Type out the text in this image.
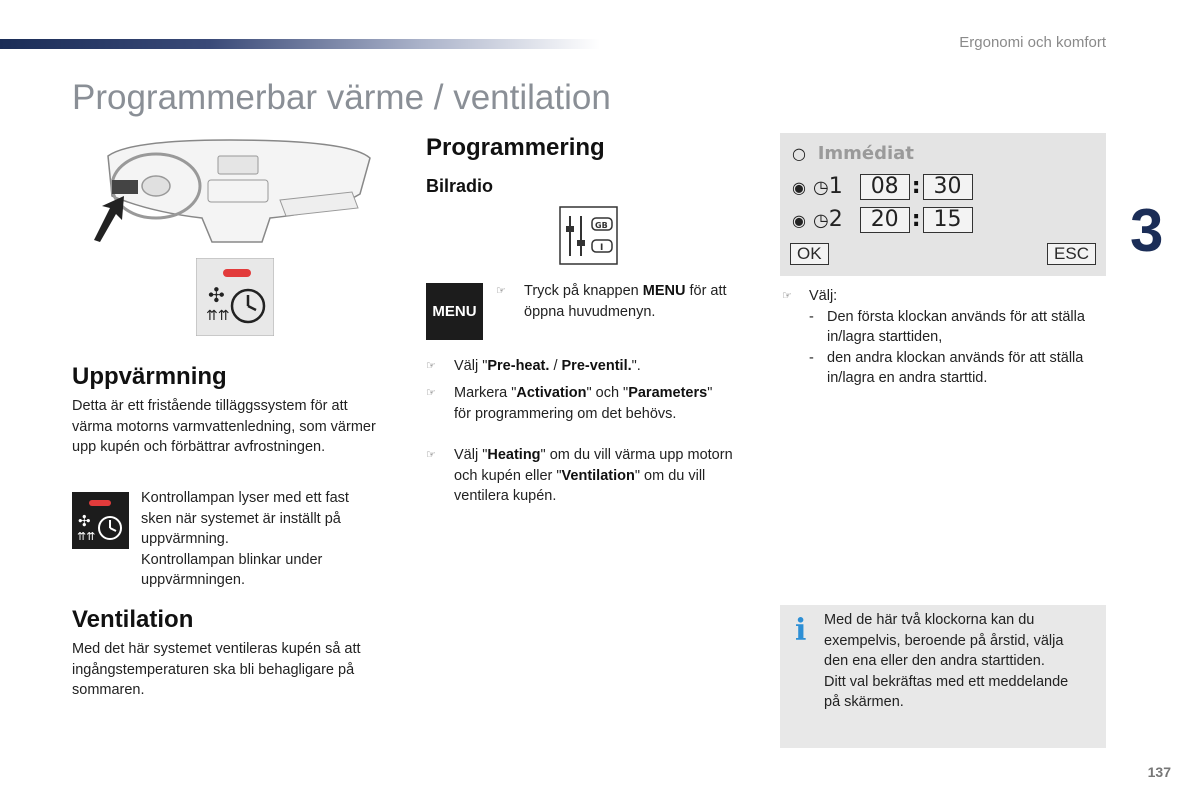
Ergonomi och komfort
Programmerbar värme / ventilation
3
✣
⇈⇈
Uppvärmning
Detta är ett fristående tilläggssystem för att
värma motorns varmvattenledning, som värmer
upp kupén och förbättrar avfrostningen.
✣
⇈⇈
Kontrollampan lyser med ett fast
sken när systemet är inställt på
uppvärmning.
Kontrollampan blinkar under
uppvärmningen.
Ventilation
Med det här systemet ventileras kupén så att
ingångstemperaturen ska bli behagligare på
sommaren.
Programmering
Bilradio
GB
I
MENU
☞ Tryck på knappen MENU för att
öppna huvudmenyn.
☞ Välj "Pre-heat. / Pre-ventil.".
☞ Markera "Activation" och "Parameters"
för programmering om det behövs.
☞ Välj "Heating" om du vill värma upp motorn
och kupén eller "Ventilation" om du vill
ventilera kupén.
○ Immédiat
◉ ◷1 08 : 30
◉ ◷2 20 : 15
OK	ESC
☞ Välj:
- Den första klockan används för att ställa
in/lagra starttiden,
- den andra klockan används för att ställa
in/lagra en andra starttid.
i Med de här två klockorna kan du
exempelvis, beroende på årstid, välja
den ena eller den andra starttiden.
Ditt val bekräftas med ett meddelande
på skärmen.
137
